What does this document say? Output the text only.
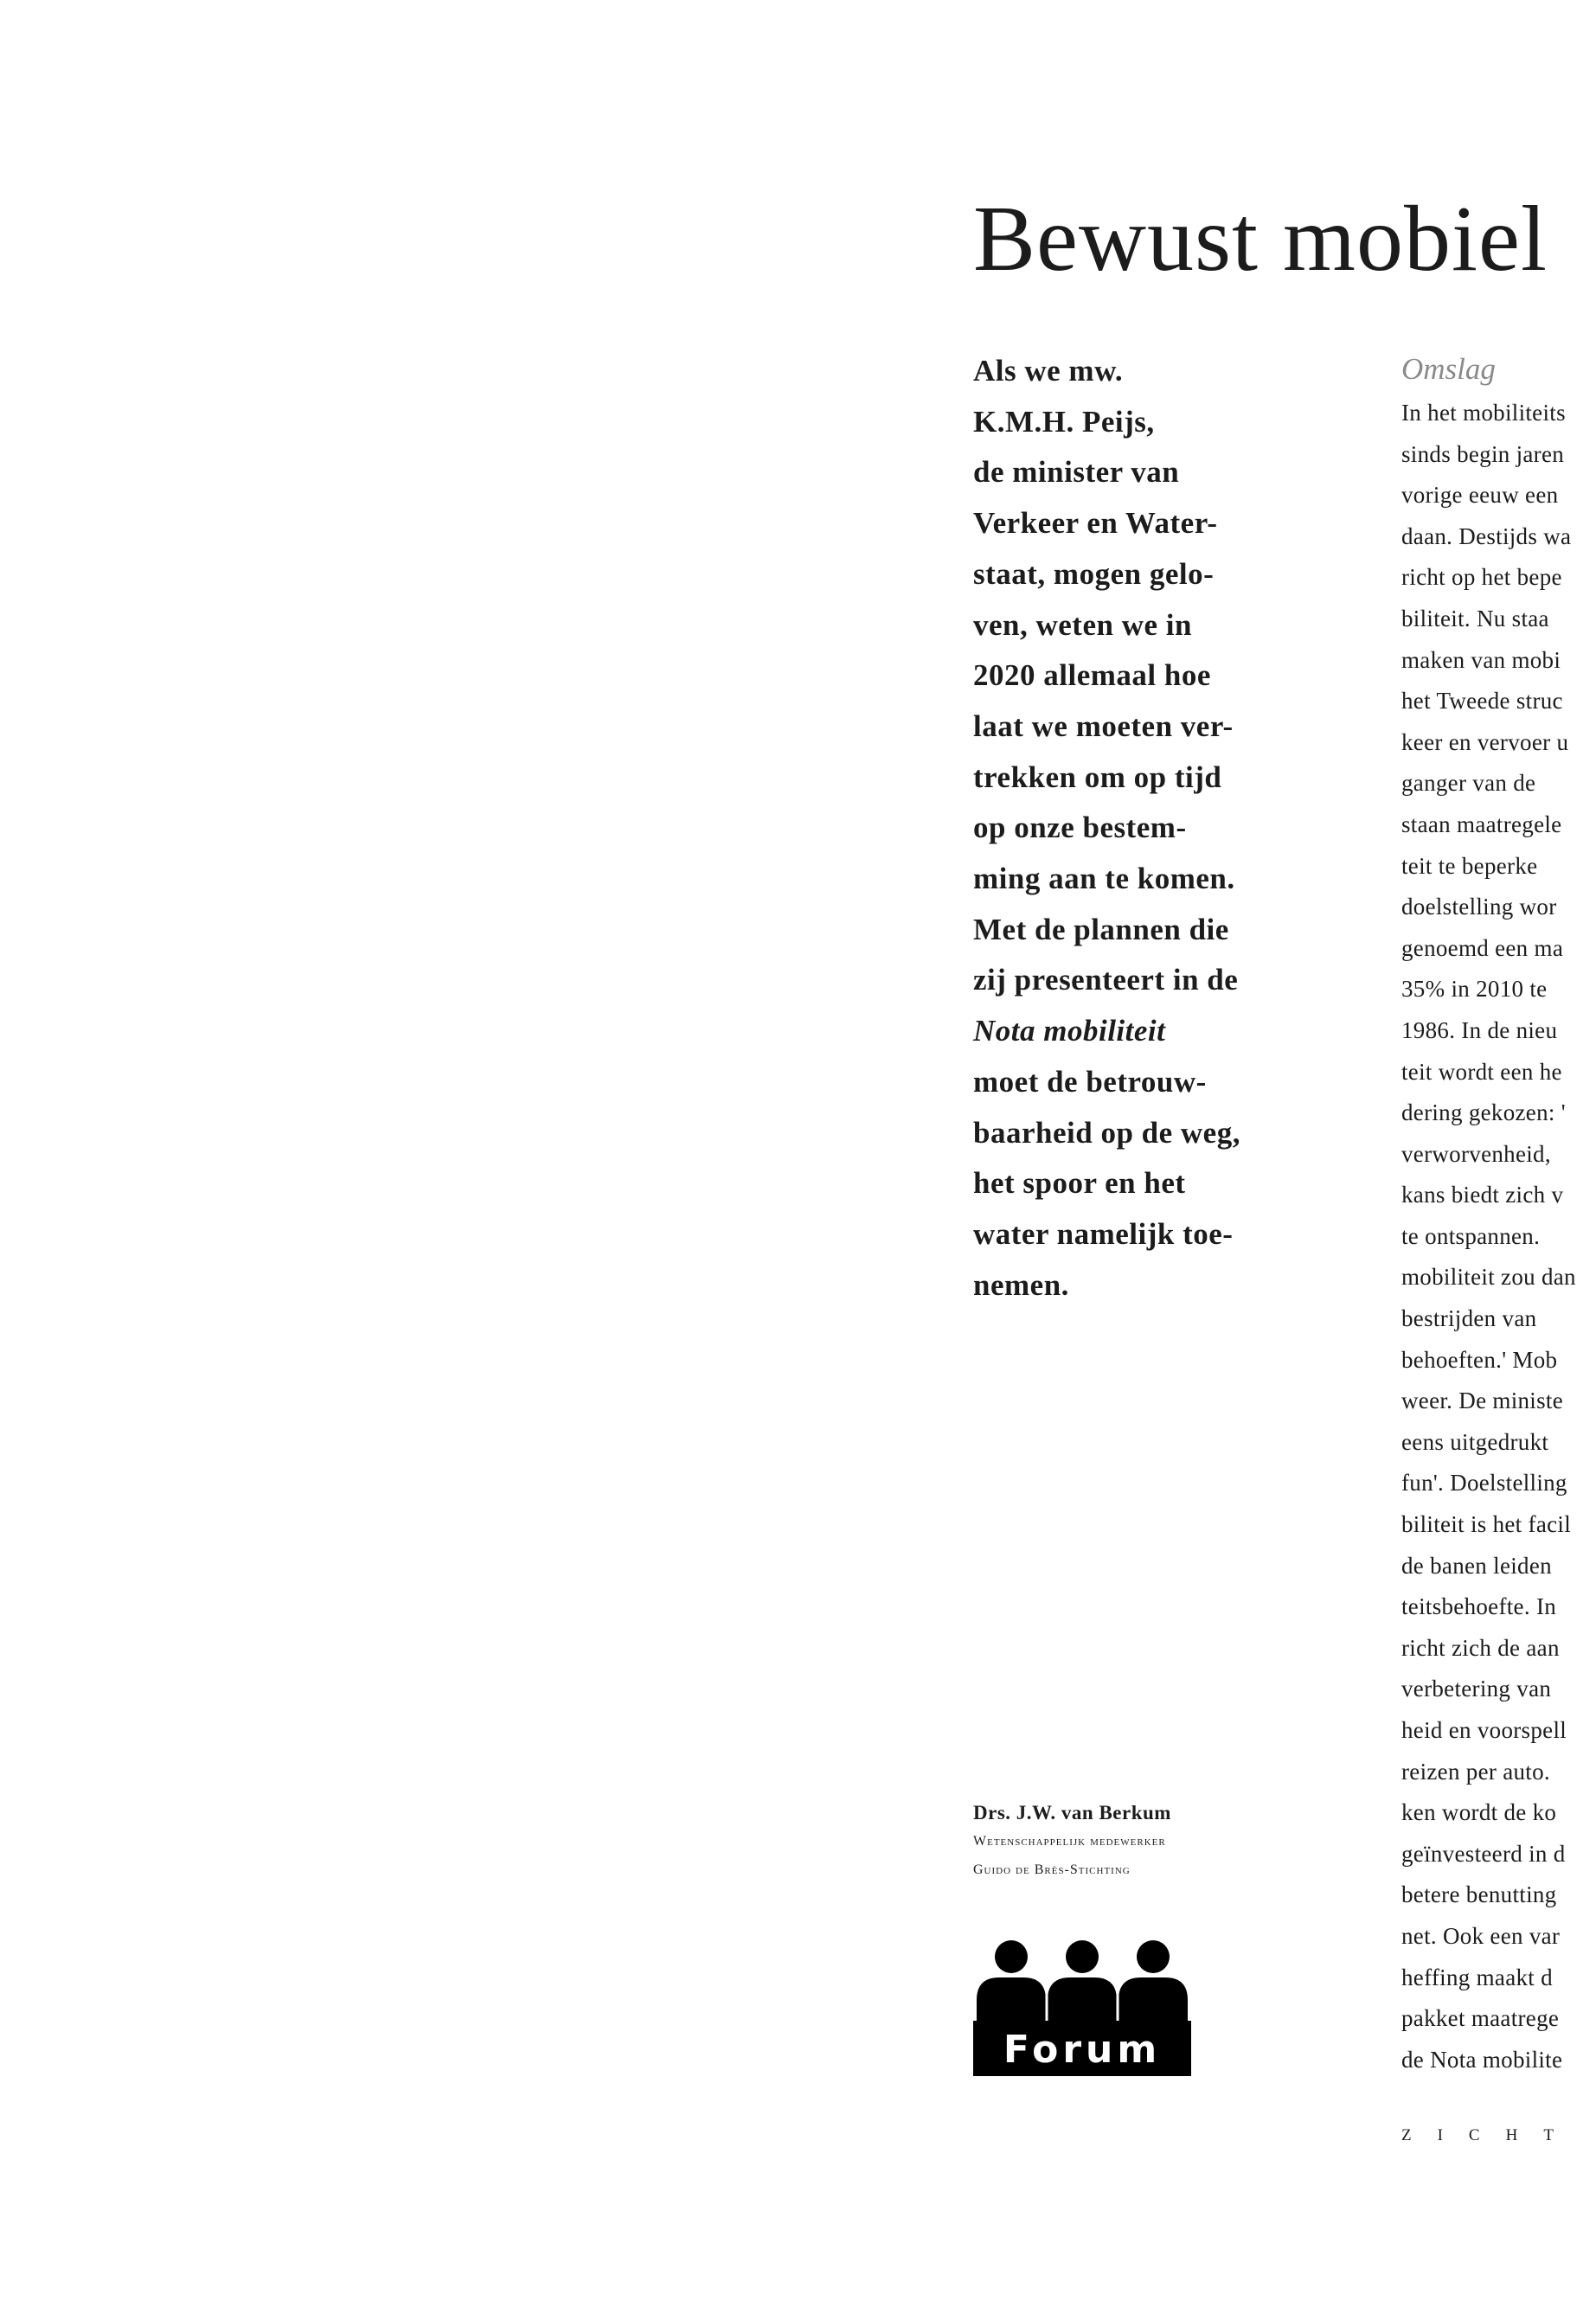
Bewust mobiel
Als we mw.
K.M.H. Peijs,
de minister van
Verkeer en Water-
staat, mogen gelo-
ven, weten we in
2020 allemaal hoe
laat we moeten ver-
trekken om op tijd
op onze bestem-
ming aan te komen.
Met de plannen die
zij presenteert in de
Nota mobiliteit
moet de betrouw-
baarheid op de weg,
het spoor en het
water namelijk toe-
nemen.
Drs. J.W. van Berkum
Wetenschappelijk medewerker
Guido de Brès-Stichting
Forum
Omslag
In het mobiliteits
sinds begin jaren
vorige eeuw een
daan. Destijds wa
richt op het bepe
biliteit. Nu staa
maken van mobi
het Tweede struc
keer en vervoer u
ganger van de
staan maatregele
teit te beperke
doelstelling wor
genoemd een ma
35% in 2010 te
1986. In de nieu
teit wordt een he
dering gekozen: '
verworvenheid,
kans biedt zich v
te ontspannen.
mobiliteit zou dan
bestrijden van
behoeften.' Mob
weer. De ministe
eens uitgedrukt
fun'. Doelstelling
biliteit is het facil
de banen leiden
teitsbehoefte. In
richt zich de aan
verbetering van
heid en voorspell
reizen per auto.
ken wordt de ko
geïnvesteerd in d
betere benutting
net. Ook een var
heffing maakt d
pakket maatrege
de Nota mobilite
ZICHT
